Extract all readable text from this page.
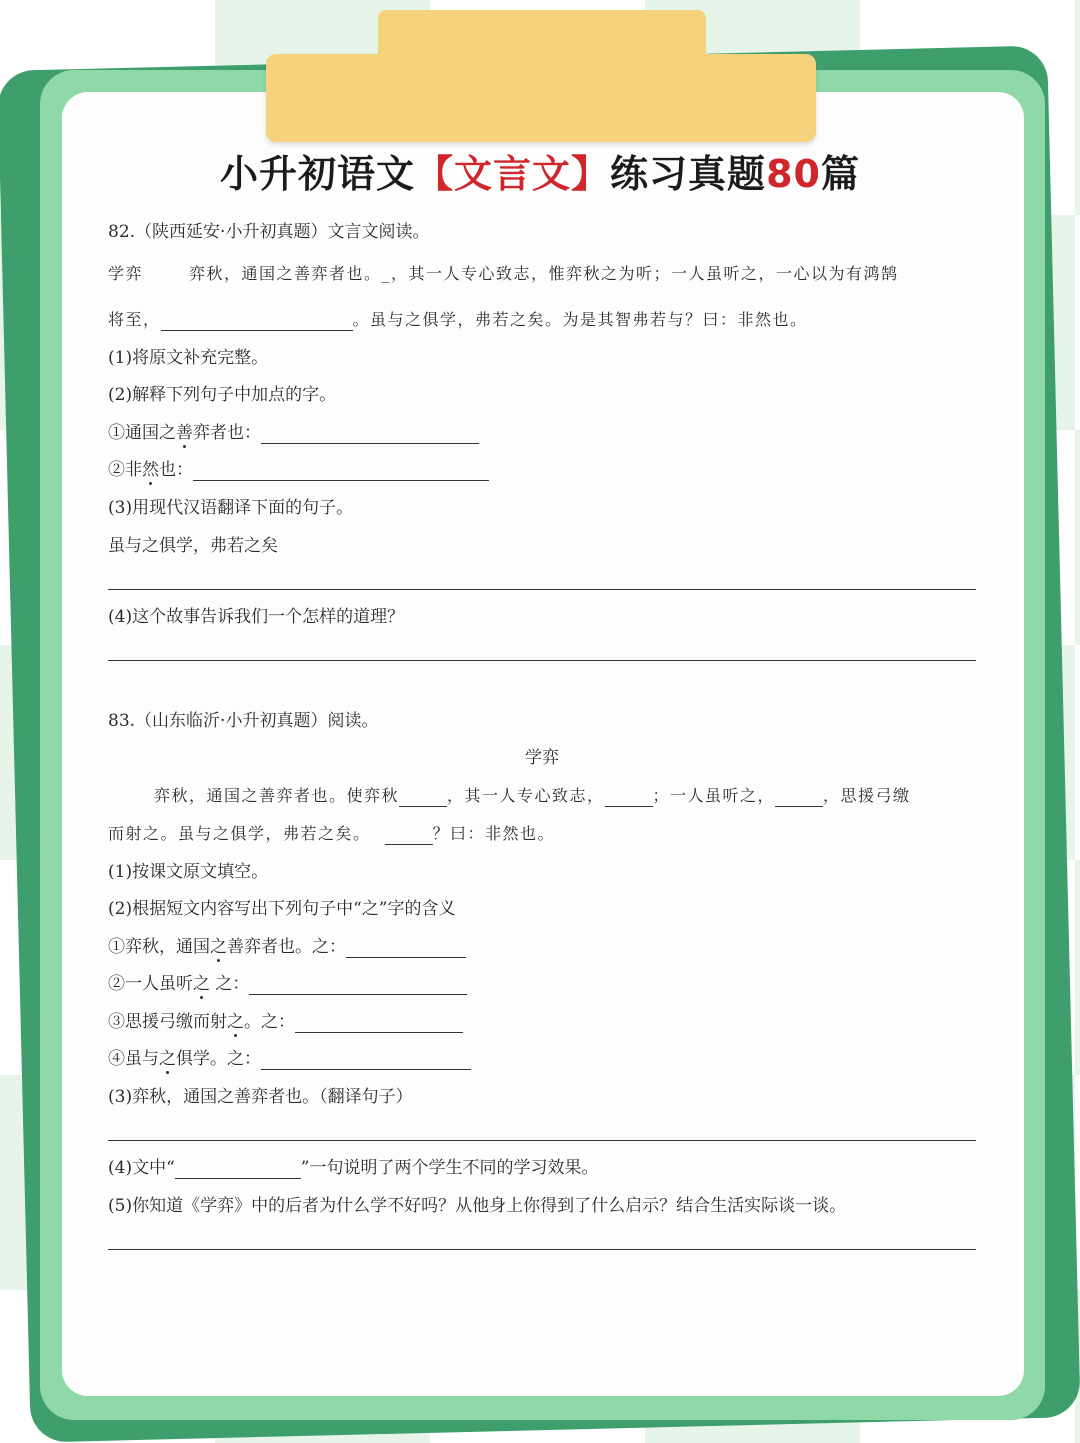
小升初语文【文言文】练习真题80篇
82.（陕西延安·小升初真题）文言文阅读。
学弈	弈秋，通国之善弈者也。_，其一人专心致志，惟弈秋之为听；一人虽听之，一心以为有鸿鹄
将至，	。虽与之俱学，弗若之矣。为是其智弗若与？曰：非然也。
(1)将原文补充完整。
(2)解释下列句子中加点的字。
①通国之善弈者也：
②非然也：
(3)用现代汉语翻译下面的句子。
虽与之俱学，弗若之矣
(4)这个故事告诉我们一个怎样的道理？
83.（山东临沂·小升初真题）阅读。
学弈
弈秋，通国之善弈者也。使弈秋	，其一人专心致志，	；一人虽听之，	，思援弓缴
而射之。虽与之俱学，弗若之矣。	？曰：非然也。
(1)按课文原文填空。
(2)根据短文内容写出下列句子中“之”字的含义
①弈秋，通国之善弈者也。之：
②一人虽听之 之：
③思援弓缴而射之。之：
④虽与之俱学。之：
(3)弈秋，通国之善弈者也。（翻译句子）
(4)文中“	”一句说明了两个学生不同的学习效果。
(5)你知道《学弈》中的后者为什么学不好吗？从他身上你得到了什么启示？结合生活实际谈一谈。
